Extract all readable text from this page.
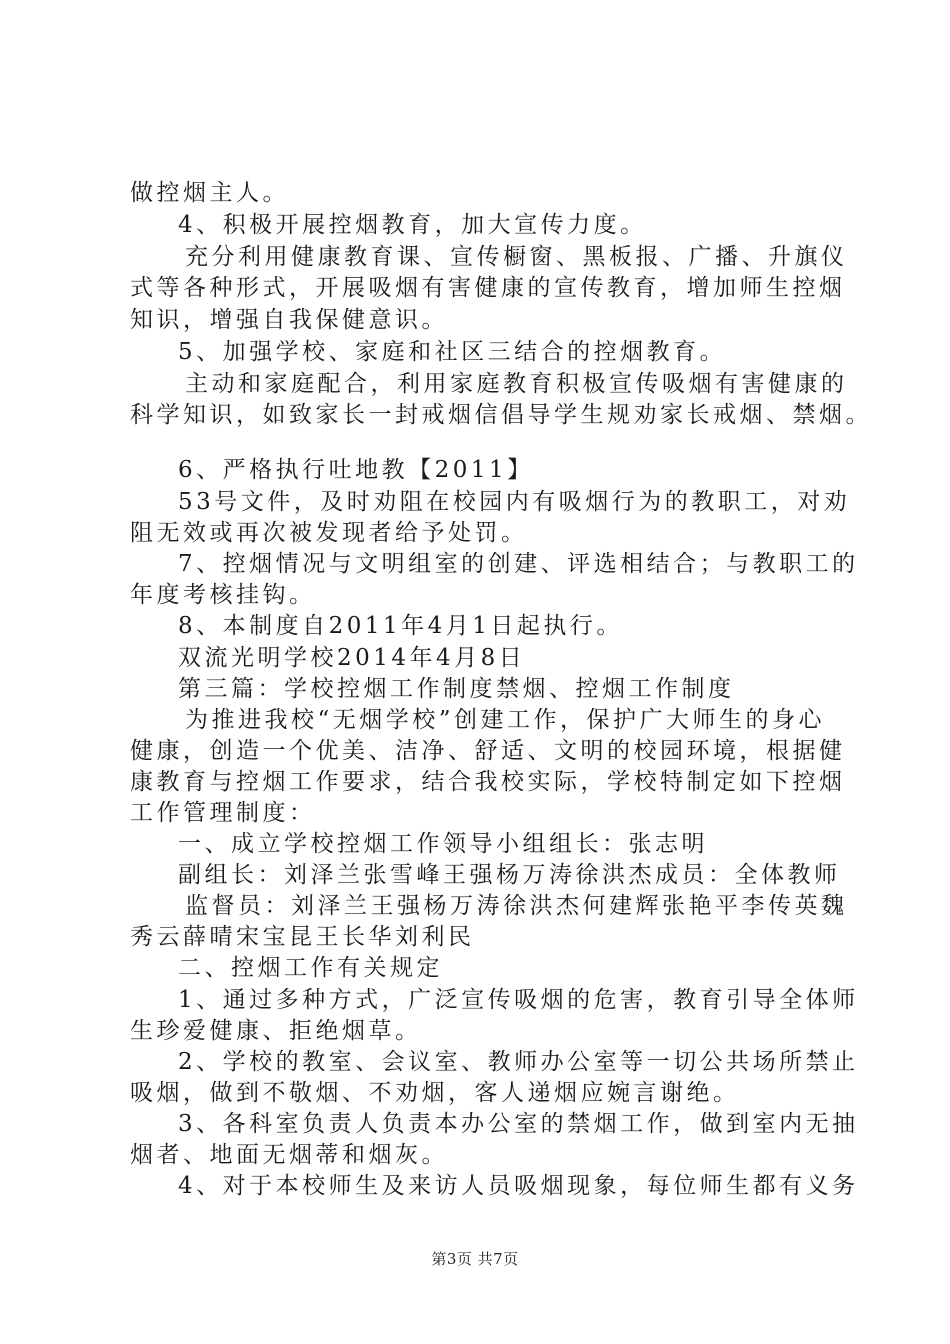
做控烟主人。
4、积极开展控烟教育，加大宣传力度。
充分利用健康教育课、宣传橱窗、黑板报、广播、升旗仪
式等各种形式，开展吸烟有害健康的宣传教育，增加师生控烟
知识，增强自我保健意识。
5、加强学校、家庭和社区三结合的控烟教育。
主动和家庭配合，利用家庭教育积极宣传吸烟有害健康的
科学知识，如致家长一封戒烟信倡导学生规劝家长戒烟、禁烟。
6、严格执行吐地教【2011】
53号文件，及时劝阻在校园内有吸烟行为的教职工，对劝
阻无效或再次被发现者给予处罚。
7、控烟情况与文明组室的创建、评选相结合；与教职工的
年度考核挂钩。
8、本制度自2011年4月1日起执行。
双流光明学校2014年4月8日
第三篇：学校控烟工作制度禁烟、控烟工作制度
为推进我校“无烟学校”创建工作，保护广大师生的身心
健康，创造一个优美、洁净、舒适、文明的校园环境，根据健
康教育与控烟工作要求，结合我校实际，学校特制定如下控烟
工作管理制度：
一、成立学校控烟工作领导小组组长：张志明
副组长：刘泽兰张雪峰王强杨万涛徐洪杰成员：全体教师
监督员：刘泽兰王强杨万涛徐洪杰何建辉张艳平李传英魏
秀云薛晴宋宝昆王长华刘利民
二、控烟工作有关规定
1、通过多种方式，广泛宣传吸烟的危害，教育引导全体师
生珍爱健康、拒绝烟草。
2、学校的教室、会议室、教师办公室等一切公共场所禁止
吸烟，做到不敬烟、不劝烟，客人递烟应婉言谢绝。
3、各科室负责人负责本办公室的禁烟工作，做到室内无抽
烟者、地面无烟蒂和烟灰。
4、对于本校师生及来访人员吸烟现象，每位师生都有义务
第3页 共7页
